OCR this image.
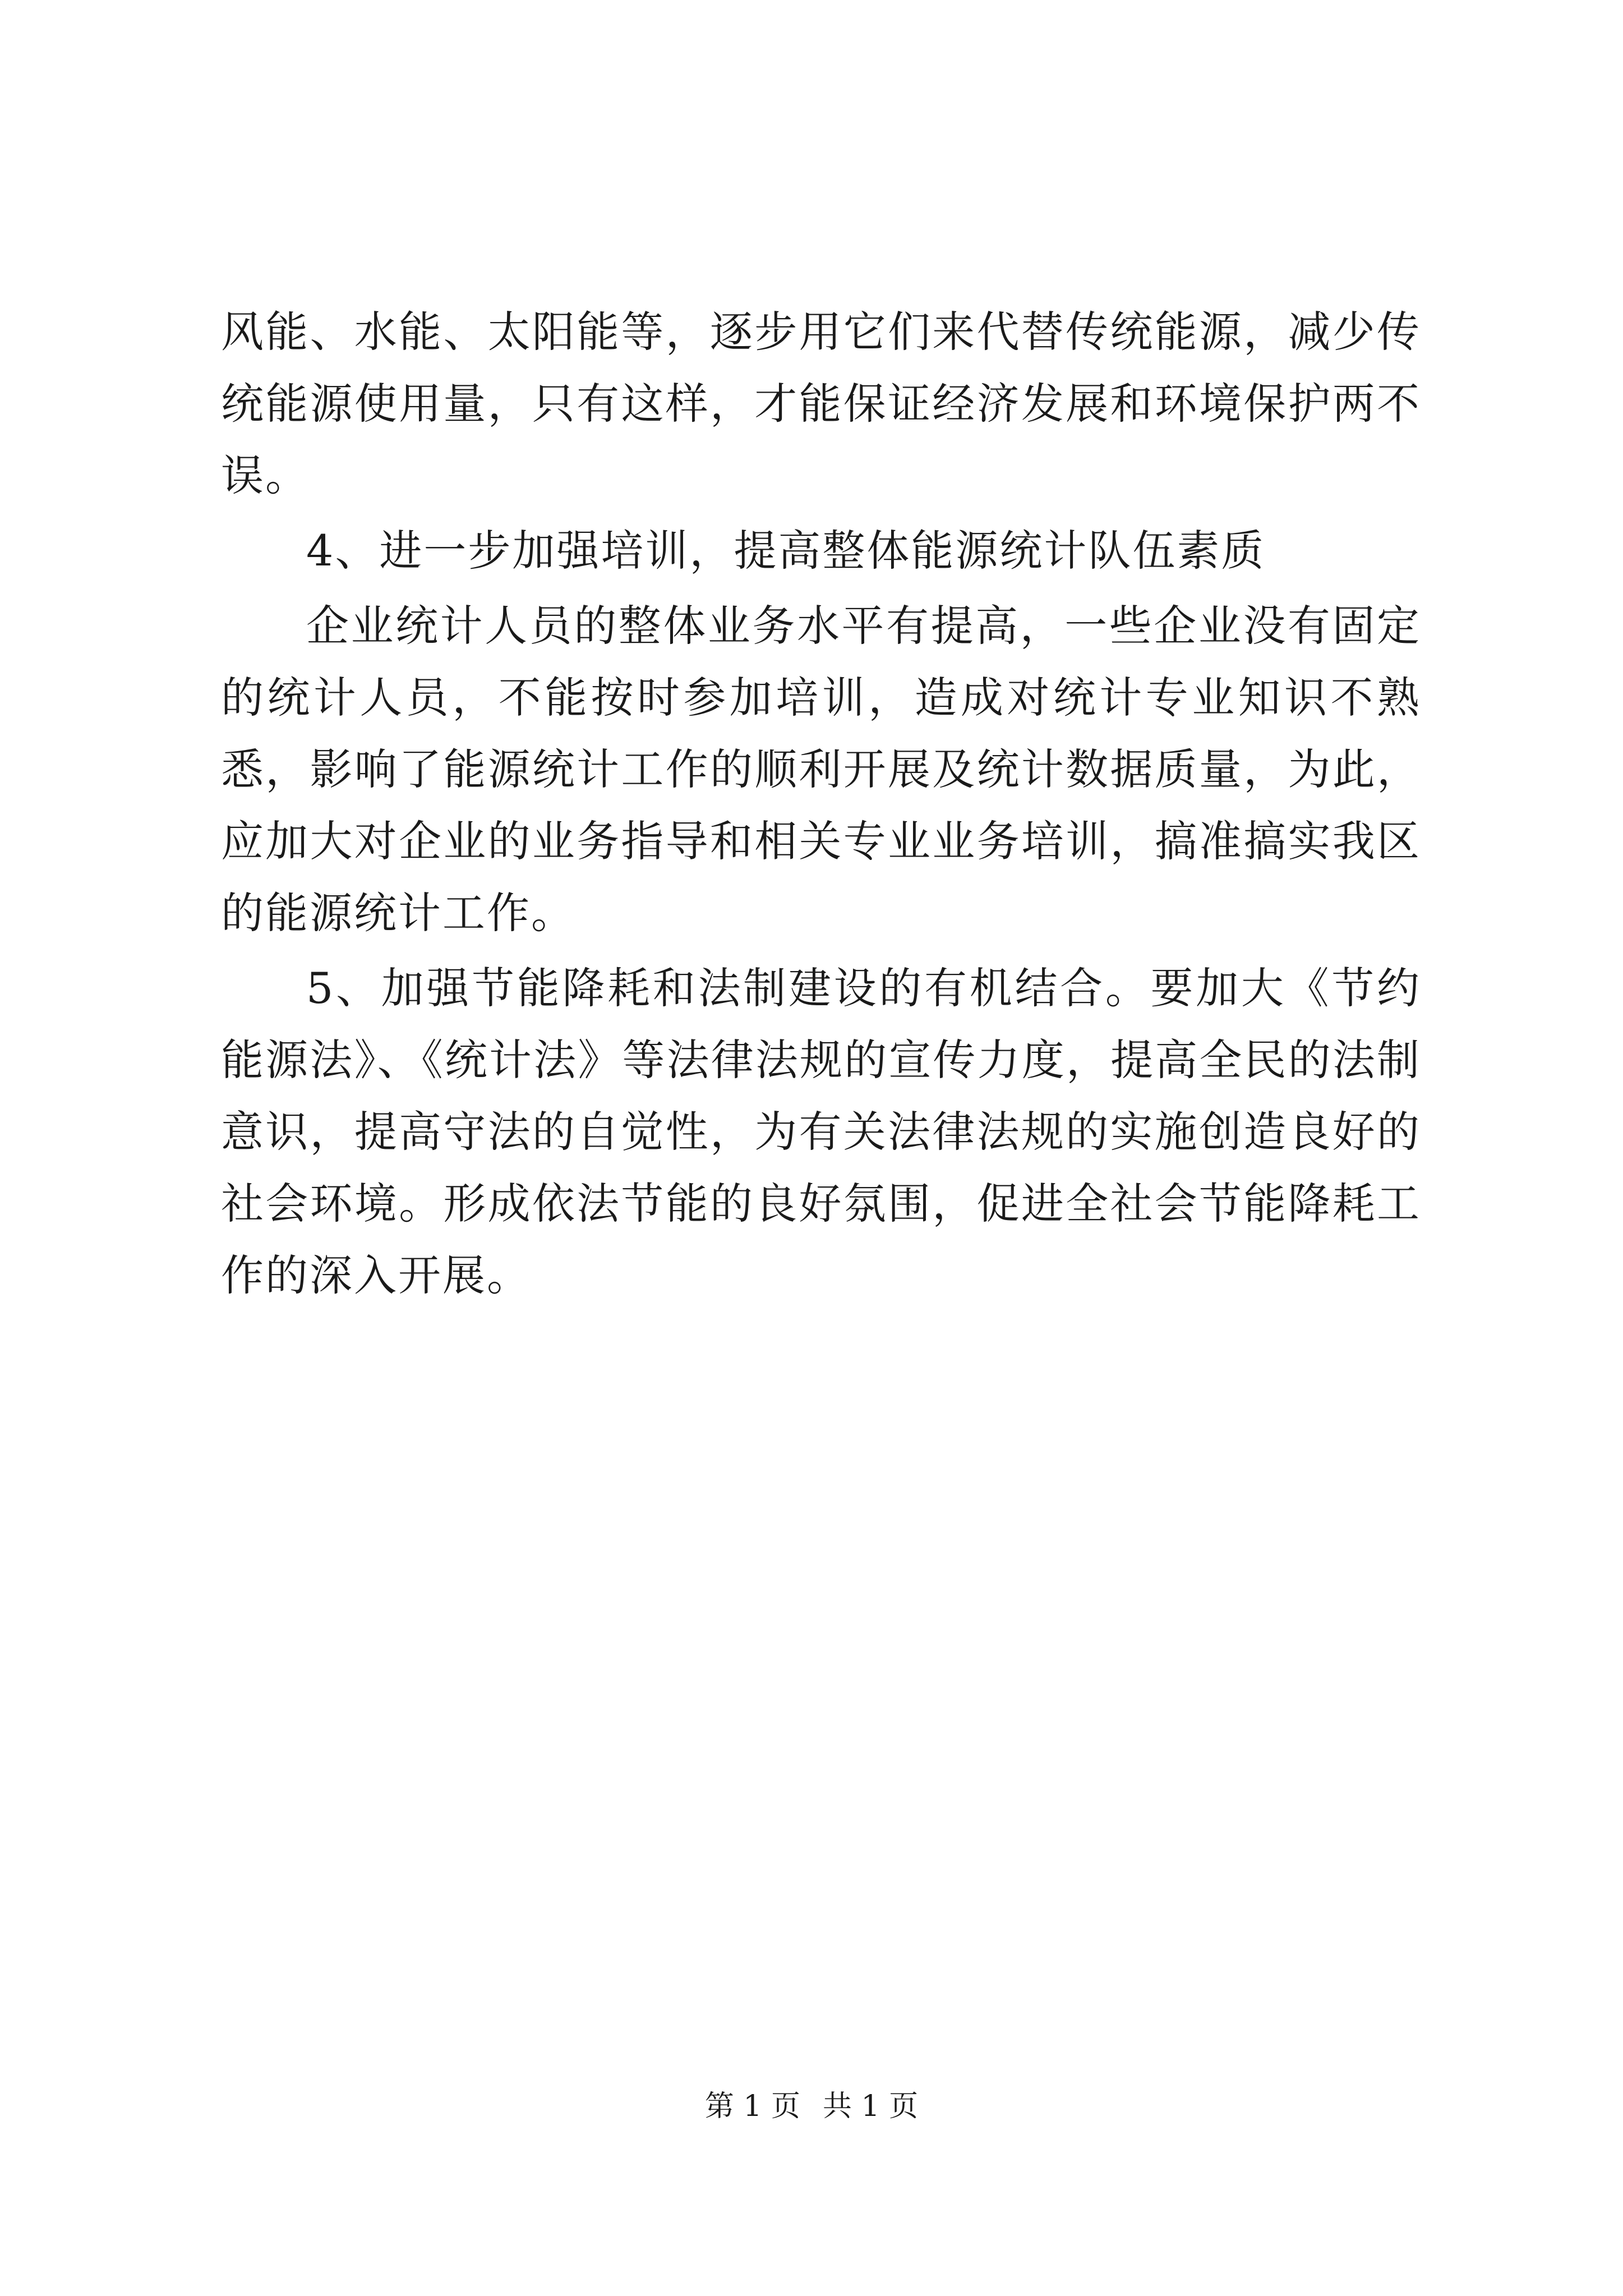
风能、水能、太阳能等，逐步用它们来代替传统能源，减少传统能源使用量，只有这样，才能保证经济发展和环境保护两不误。

4、进一步加强培训，提高整体能源统计队伍素质

企业统计人员的整体业务水平有提高，一些企业没有固定的统计人员，不能按时参加培训，造成对统计专业知识不熟悉，影响了能源统计工作的顺利开展及统计数据质量，为此，应加大对企业的业务指导和相关专业业务培训，搞准搞实我区的能源统计工作。

5、加强节能降耗和法制建设的有机结合。要加大《节约能源法》、《统计法》等法律法规的宣传力度，提高全民的法制意识，提高守法的自觉性，为有关法律法规的实施创造良好的社会环境。形成依法节能的良好氛围，促进全社会节能降耗工作的深入开展。

第 1 页 共 1 页
